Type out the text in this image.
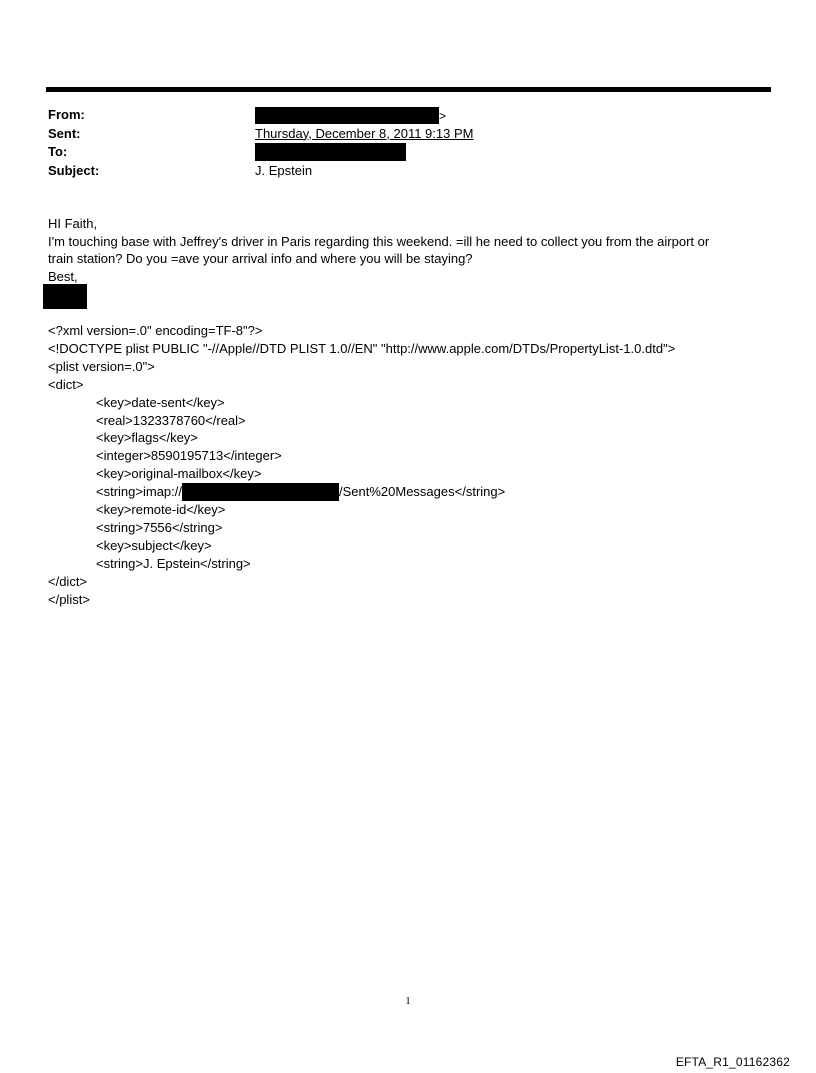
From:	>
Sent:	Thursday, December 8, 2011 9:13 PM
To:
Subject:	J. Epstein

HI Faith,

I'm touching base with Jeffrey's driver in Paris regarding this weekend. =ill he need to collect you from the airport or

train station? Do you =ave your arrival info and where you will be staying?

Best,

<?xml version=.0" encoding=TF-8"?>

<!DOCTYPE plist PUBLIC "-//Apple//DTD PLIST 1.0//EN" "http://www.apple.com/DTDs/PropertyList-1.0.dtd">

<plist version=.0">

<dict>

<key>date-sent</key>

<real>1323378760</real>

<key>flags</key>

<integer>8590195713</integer>

<key>original-mailbox</key>

<string>imap://	/Sent%20Messages</string>

<key>remote-id</key>

<string>7556</string>

<key>subject</key>

<string>J. Epstein</string>

</dict>

</plist>

1
EFTA_R1_01162362
